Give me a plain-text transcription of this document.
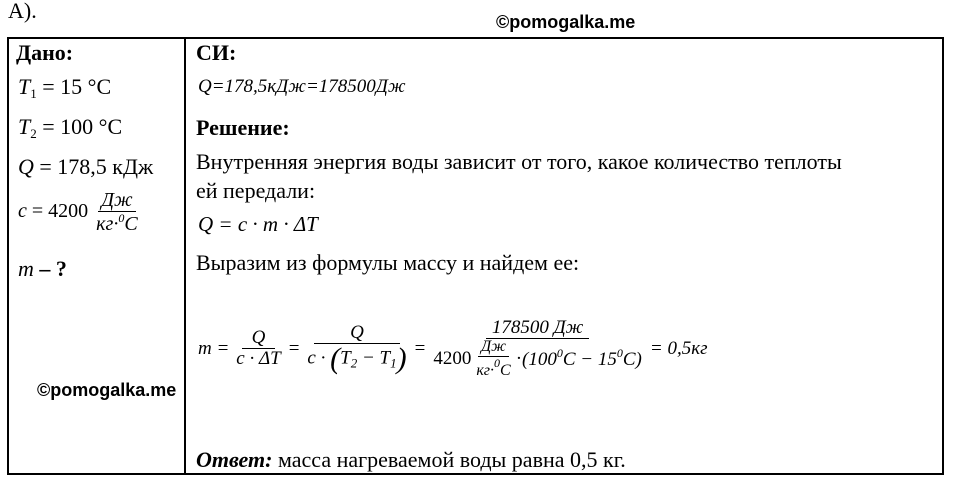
А).	©pomogalka.me
Дано:
$T_1 = 15$ °C
$T_2 = 100$ °C
Q = 178,5 кДж
$c = 4200 \frac{Дж}{кг\cdot^0C}$
m – ?
СИ:
Q=178,5кДж=178500Дж
Решение:
Внутренняя энергия воды зависит от того, какое количество теплоты
ей передали:
Q = c · m · ΔT
Выразим из формулы массу и найдем ее:
$m = \frac{Q}{c \cdot \Delta T} = \frac{Q}{c \cdot (T_2 - T_1)}$ =
178500 Дж
$4200 \frac{Дж}{кг\cdot^0C} \cdot (100^0C - 15^0C)$
= 0,5кг
©pomogalka.me
Ответ: масса нагреваемой воды равна 0,5 кг.
